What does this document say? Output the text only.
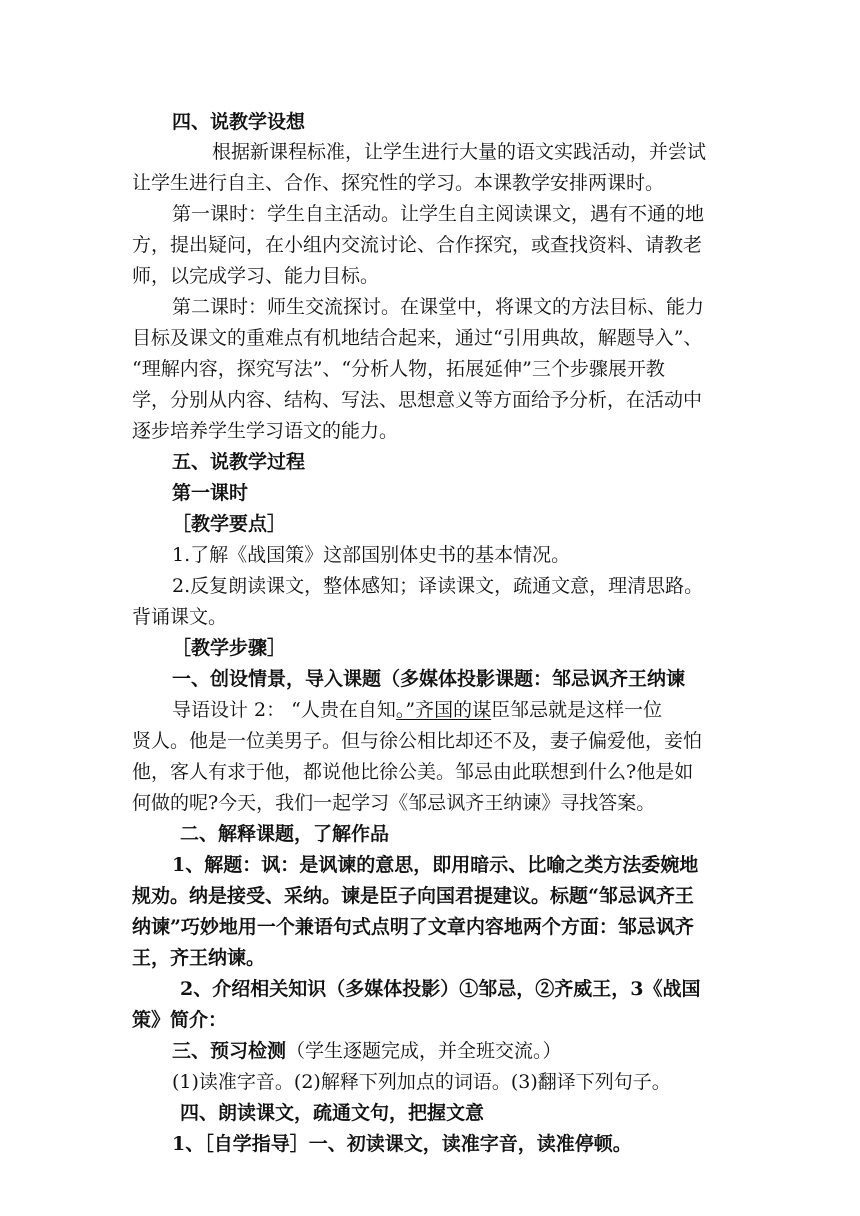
四、说教学设想
根据新课程标准，让学生进行大量的语文实践活动，并尝试
让学生进行自主、合作、探究性的学习。本课教学安排两课时。
第一课时：学生自主活动。让学生自主阅读课文，遇有不通的地
方，提出疑问，在小组内交流讨论、合作探究，或查找资料、请教老
师，以完成学习、能力目标。
第二课时：师生交流探讨。在课堂中，将课文的方法目标、能力
目标及课文的重难点有机地结合起来，通过“引用典故，解题导入”、
“理解内容，探究写法”、“分析人物，拓展延伸”三个步骤展开教
学，分别从内容、结构、写法、思想意义等方面给予分析，在活动中
逐步培养学生学习语文的能力。
五、说教学过程
第一课时
［教学要点］
1.了解《战国策》这部国别体史书的基本情况。
2.反复朗读课文，整体感知；译读课文，疏通文意，理清思路。
背诵课文。
［教学步骤］
一、创设情景，导入课题（多媒体投影课题：邹忌讽齐王纳谏
导语设计 2： “人贵在自知。”齐国的谋臣邹忌就是这样一位
贤人。他是一位美男子。但与徐公相比却还不及，妻子偏爱他，妾怕
他，客人有求于他，都说他比徐公美。邹忌由此联想到什么?他是如
何做的呢?今天，我们一起学习《邹忌讽齐王纳谏》寻找答案。
二、解释课题，了解作品
1、解题：讽：是讽谏的意思，即用暗示、比喻之类方法委婉地
规劝。纳是接受、采纳。谏是臣子向国君提建议。标题“邹忌讽齐王
纳谏”巧妙地用一个兼语句式点明了文章内容地两个方面：邹忌讽齐
王，齐王纳谏。
2、介绍相关知识（多媒体投影）①邹忌，②齐威王，3《战国
策》简介：
三、预习检测（学生逐题完成，并全班交流。）
(1)读准字音。(2)解释下列加点的词语。(3)翻译下列句子。
四、朗读课文，疏通文句，把握文意
1、［自学指导］一、初读课文，读准字音，读准停顿。
